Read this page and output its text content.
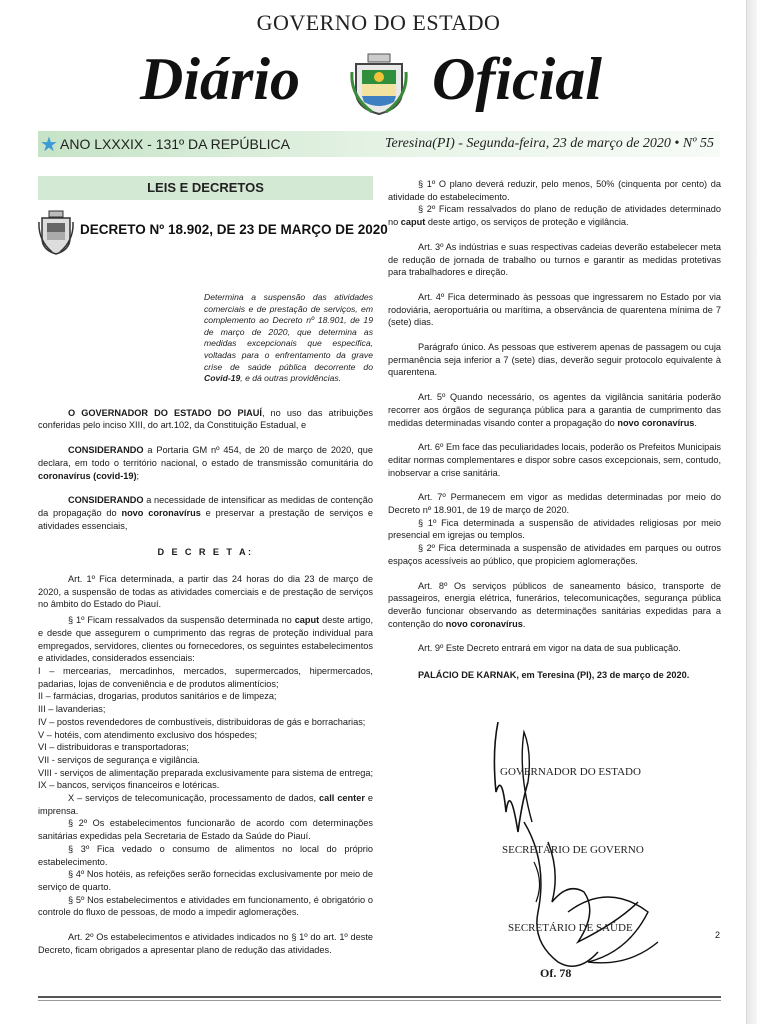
GOVERNO DO ESTADO
Diário Oficial
★ ANO LXXXIX - 131º DA REPÚBLICA	Teresina(PI) - Segunda-feira, 23 de março de 2020 • Nº 55
LEIS E DECRETOS
DECRETO Nº 18.902, DE 23 DE MARÇO DE 2020

Determina a suspensão das atividades comerciais e de prestação de serviços, em complemento ao Decreto nº 18.901, de 19 de março de 2020, que determina as medidas excepcionais que especifica, voltadas para o enfrentamento da grave crise de saúde pública decorrente do Covid-19, e dá outras providências.

O GOVERNADOR DO ESTADO DO PIAUÍ, no uso das atribuições conferidas pelo inciso XIII, do art.102, da Constituição Estadual, e

CONSIDERANDO a Portaria GM nº 454, de 20 de março de 2020, que declara, em todo o território nacional, o estado de transmissão comunitária do coronavírus (covid-19);

CONSIDERANDO a necessidade de intensificar as medidas de contenção da propagação do novo coronavírus e preservar a prestação de serviços e atividades essenciais,

D E C R E T A:

Art. 1º Fica determinada, a partir das 24 horas do dia 23 de março de 2020, a suspensão de todas as atividades comerciais e de prestação de serviços no âmbito do Estado do Piauí.

§ 1º Ficam ressalvados da suspensão determinada no caput deste artigo, e desde que assegurem o cumprimento das regras de proteção individual para empregados, servidores, clientes ou fornecedores, os seguintes estabelecimentos e atividades, considerados essenciais:

I – mercearias, mercadinhos, mercados, supermercados, hipermercados, padarias, lojas de conveniência e de produtos alimentícios;

II – farmácias, drogarias, produtos sanitários e de limpeza;

III – lavanderias;

IV – postos revendedores de combustíveis, distribuidoras de gás e borracharias;

V – hotéis, com atendimento exclusivo dos hóspedes;

VI – distribuidoras e transportadoras;

VII - serviços de segurança e vigilância.

VIII - serviços de alimentação preparada exclusivamente para sistema de entrega;

IX – bancos, serviços financeiros e lotéricas.

X – serviços de telecomunicação, processamento de dados, call center e imprensa.

§ 2º Os estabelecimentos funcionarão de acordo com determinações sanitárias expedidas pela Secretaria de Estado da Saúde do Piauí.

§ 3º Fica vedado o consumo de alimentos no local do próprio estabelecimento.

§ 4º Nos hotéis, as refeições serão fornecidas exclusivamente por meio de serviço de quarto.

§ 5º Nos estabelecimentos e atividades em funcionamento, é obrigatório o controle do fluxo de pessoas, de modo a impedir aglomerações.

Art. 2º Os estabelecimentos e atividades indicados no § 1º do art. 1º deste Decreto, ficam obrigados a apresentar plano de redução das atividades.

§ 1º O plano deverá reduzir, pelo menos, 50% (cinquenta por cento) da atividade do estabelecimento.

§ 2º Ficam ressalvados do plano de redução de atividades determinado no caput deste artigo, os serviços de proteção e vigilância.

Art. 3º As indústrias e suas respectivas cadeias deverão estabelecer meta de redução de jornada de trabalho ou turnos e garantir as medidas protetivas para trabalhadores e direção.

Art. 4º Fica determinado às pessoas que ingressarem no Estado por via rodoviária, aeroportuária ou marítima, a observância de quarentena mínima de 7 (sete) dias.

Parágrafo único. As pessoas que estiverem apenas de passagem ou cuja permanência seja inferior a 7 (sete) dias, deverão seguir protocolo equivalente à quarentena.

Art. 5º Quando necessário, os agentes da vigilância sanitária poderão recorrer aos órgãos de segurança pública para a garantia de cumprimento das medidas determinadas visando conter a propagação do novo coronavírus.

Art. 6º Em face das peculiaridades locais, poderão os Prefeitos Municipais editar normas complementares e dispor sobre casos excepcionais, sem, contudo, inobservar a crise sanitária.

Art. 7º Permanecem em vigor as medidas determinadas por meio do Decreto nº 18.901, de 19 de março de 2020.

§ 1º Fica determinada a suspensão de atividades religiosas por meio presencial em igrejas ou templos.

§ 2º Fica determinada a suspensão de atividades em parques ou outros espaços acessíveis ao público, que propiciem aglomerações.

Art. 8º Os serviços públicos de saneamento básico, transporte de passageiros, energia elétrica, funerários, telecomunicações, segurança pública deverão funcionar observando as determinações sanitárias expedidas para a contenção do novo coronavírus.

Art. 9º Este Decreto entrará em vigor na data de sua publicação.

PALÁCIO DE KARNAK, em Teresina (PI), 23 de março de 2020.

GOVERNADOR DO ESTADO
SECRETÁRIO DE GOVERNO
SECRETÁRIO DE SAÚDE
2
Of. 78
